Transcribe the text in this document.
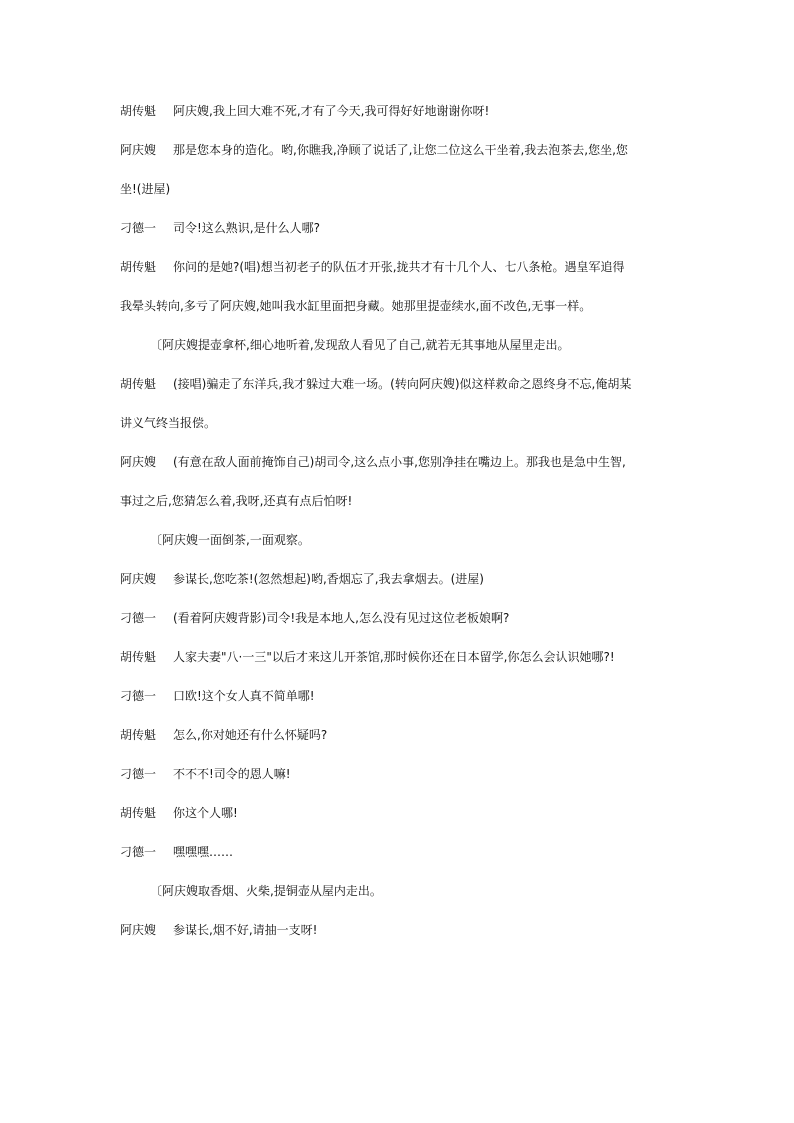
胡传魁 阿庆嫂,我上回大难不死,才有了今天,我可得好好地谢谢你呀!
阿庆嫂 那是您本身的造化。哟,你瞧我,净顾了说话了,让您二位这么干坐着,我去泡茶去,您坐,您
坐!(进屋)
刁德一 司令!这么熟识,是什么人哪?
胡传魁 你问的是她?(唱)想当初老子的队伍才开张,拢共才有十几个人、七八条枪。遇皇军追得
我晕头转向,多亏了阿庆嫂,她叫我水缸里面把身藏。她那里提壶续水,面不改色,无事一样。
〔阿庆嫂提壶拿杯,细心地听着,发现敌人看见了自己,就若无其事地从屋里走出。
胡传魁 (接唱)骗走了东洋兵,我才躲过大难一场。(转向阿庆嫂)似这样救命之恩终身不忘,俺胡某
讲义气终当报偿。
阿庆嫂 (有意在敌人面前掩饰自己)胡司令,这么点小事,您别净挂在嘴边上。那我也是急中生智,
事过之后,您猜怎么着,我呀,还真有点后怕呀!
〔阿庆嫂一面倒茶,一面观察。
阿庆嫂 参谋长,您吃茶!(忽然想起)哟,香烟忘了,我去拿烟去。(进屋)
刁德一 (看着阿庆嫂背影)司令!我是本地人,怎么没有见过这位老板娘啊?
胡传魁 人家夫妻"八·一三"以后才来这儿开茶馆,那时候你还在日本留学,你怎么会认识她哪?!
刁德一 口欧!这个女人真不简单哪!
胡传魁 怎么,你对她还有什么怀疑吗?
刁德一 不不不!司令的恩人嘛!
胡传魁 你这个人哪!
刁德一 嘿嘿嘿……
〔阿庆嫂取香烟、火柴,提铜壶从屋内走出。
阿庆嫂 参谋长,烟不好,请抽一支呀!
